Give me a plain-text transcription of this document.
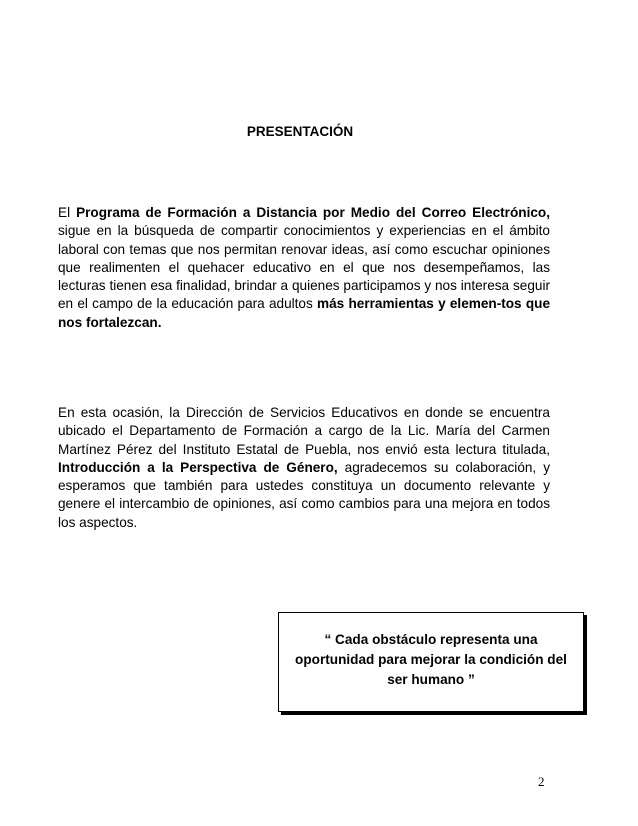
PRESENTACIÓN

El Programa de Formación a Distancia por Medio del Correo Electrónico, sigue en la búsqueda de compartir conocimientos y experiencias en el ámbito laboral con temas que nos permitan renovar ideas, así como escuchar opiniones que realimenten el quehacer educativo en el que nos desempeñamos, las lecturas tienen esa finalidad, brindar a quienes participamos y nos interesa seguir en el campo de la educación para adultos más herramientas y elemen-tos que nos fortalezcan.

En esta ocasión, la Dirección de Servicios Educativos en donde se encuentra ubicado el Departamento de Formación a cargo de la Lic. María del Carmen Martínez Pérez del Instituto Estatal de Puebla, nos envió esta lectura titulada, Introducción a la Perspectiva de Género, agradecemos su colaboración, y esperamos que también para ustedes constituya un documento relevante y genere el intercambio de opiniones, así como cambios para una mejora en todos los aspectos.

“ Cada obstáculo representa una oportunidad para mejorar la condición del ser humano ”
2
